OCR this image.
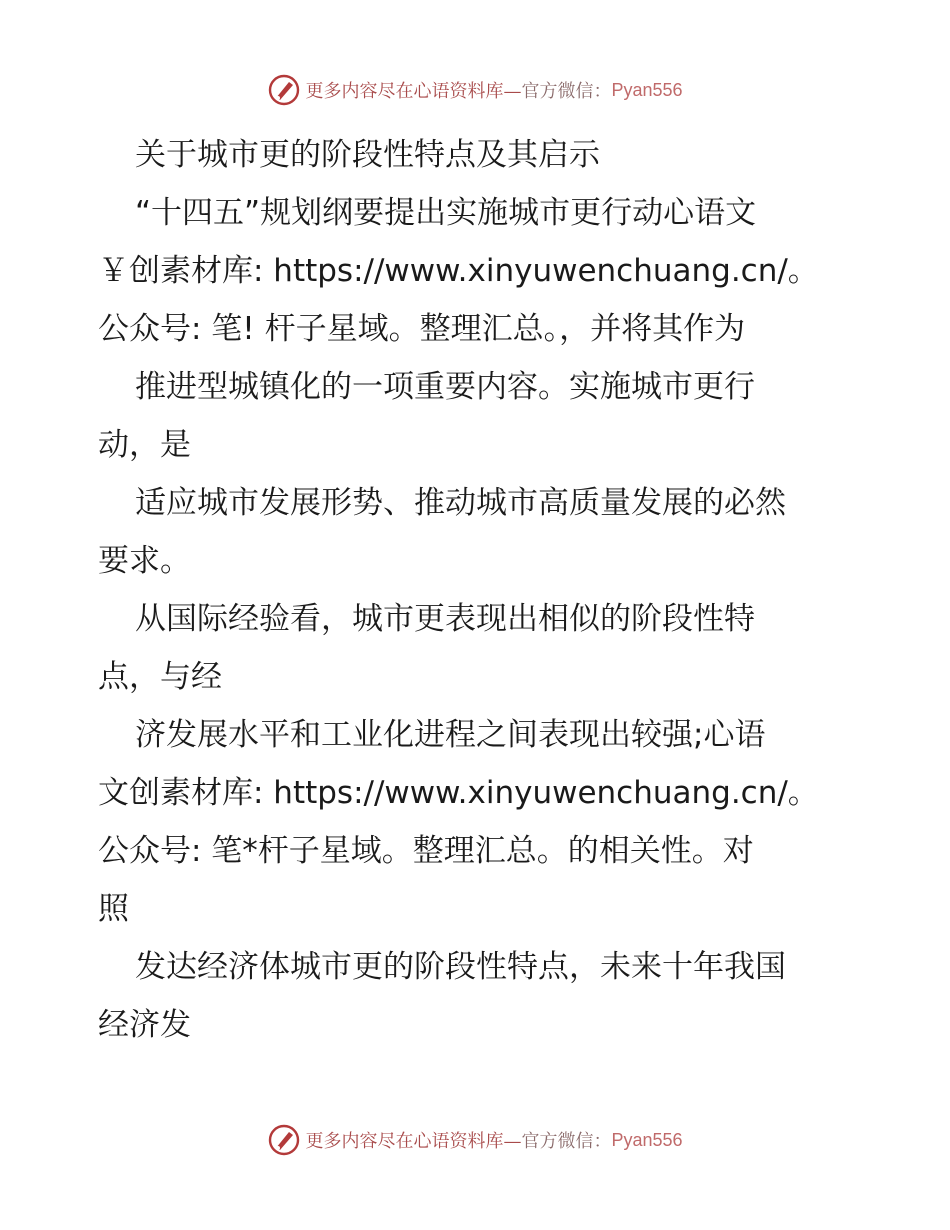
更多内容尽在心语资料库— 官方微信： Pyan556
关于城市更的阶段性特点及其启示
“十四五”规划纲要提出实施城市更行动心语文
￥创素材库: https://www.xinyuwenchuang.cn/。
公众号: 笔! 杆子星域。整理汇总。，并将其作为
推进型城镇化的一项重要内容。实施城市更行
动，是
适应城市发展形势、推动城市高质量发展的必然
要求。
从国际经验看，城市更表现出相似的阶段性特
点，与经
济发展水平和工业化进程之间表现出较强;心语
文创素材库: https://www.xinyuwenchuang.cn/。
公众号: 笔*杆子星域。整理汇总。的相关性。对
照
发达经济体城市更的阶段性特点，未来十年我国
经济发
更多内容尽在心语资料库— 官方微信： Pyan556
